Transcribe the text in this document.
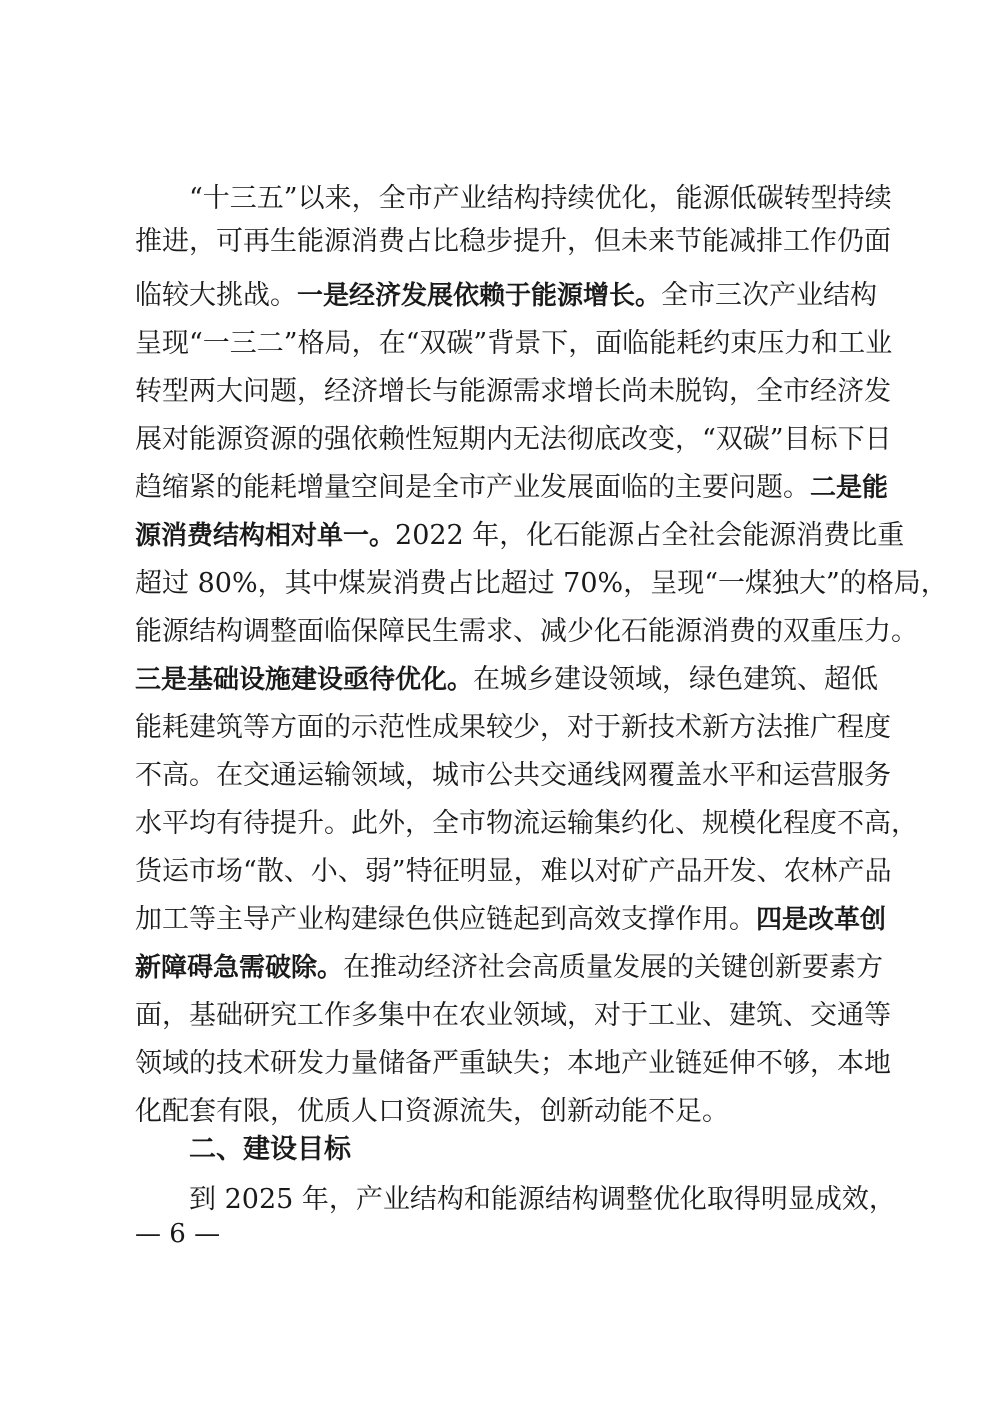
“十三五”以来，全市产业结构持续优化，能源低碳转型持续
推进，可再生能源消费占比稳步提升，但未来节能减排工作仍面
临较大挑战。一是经济发展依赖于能源增长。全市三次产业结构
呈现“一三二”格局，在“双碳”背景下，面临能耗约束压力和工业
转型两大问题，经济增长与能源需求增长尚未脱钩，全市经济发
展对能源资源的强依赖性短期内无法彻底改变，“双碳”目标下日
趋缩紧的能耗增量空间是全市产业发展面临的主要问题。二是能
源消费结构相对单一。2022 年，化石能源占全社会能源消费比重
超过 80%，其中煤炭消费占比超过 70%，呈现“一煤独大”的格局，
能源结构调整面临保障民生需求、减少化石能源消费的双重压力。
三是基础设施建设亟待优化。在城乡建设领域，绿色建筑、超低
能耗建筑等方面的示范性成果较少，对于新技术新方法推广程度
不高。在交通运输领域，城市公共交通线网覆盖水平和运营服务
水平均有待提升。此外，全市物流运输集约化、规模化程度不高，
货运市场“散、小、弱”特征明显，难以对矿产品开发、农林产品
加工等主导产业构建绿色供应链起到高效支撑作用。四是改革创
新障碍急需破除。在推动经济社会高质量发展的关键创新要素方
面，基础研究工作多集中在农业领域，对于工业、建筑、交通等
领域的技术研发力量储备严重缺失；本地产业链延伸不够，本地
化配套有限，优质人口资源流失，创新动能不足。
二、建设目标
到 2025 年，产业结构和能源结构调整优化取得明显成效，
— 6 —
